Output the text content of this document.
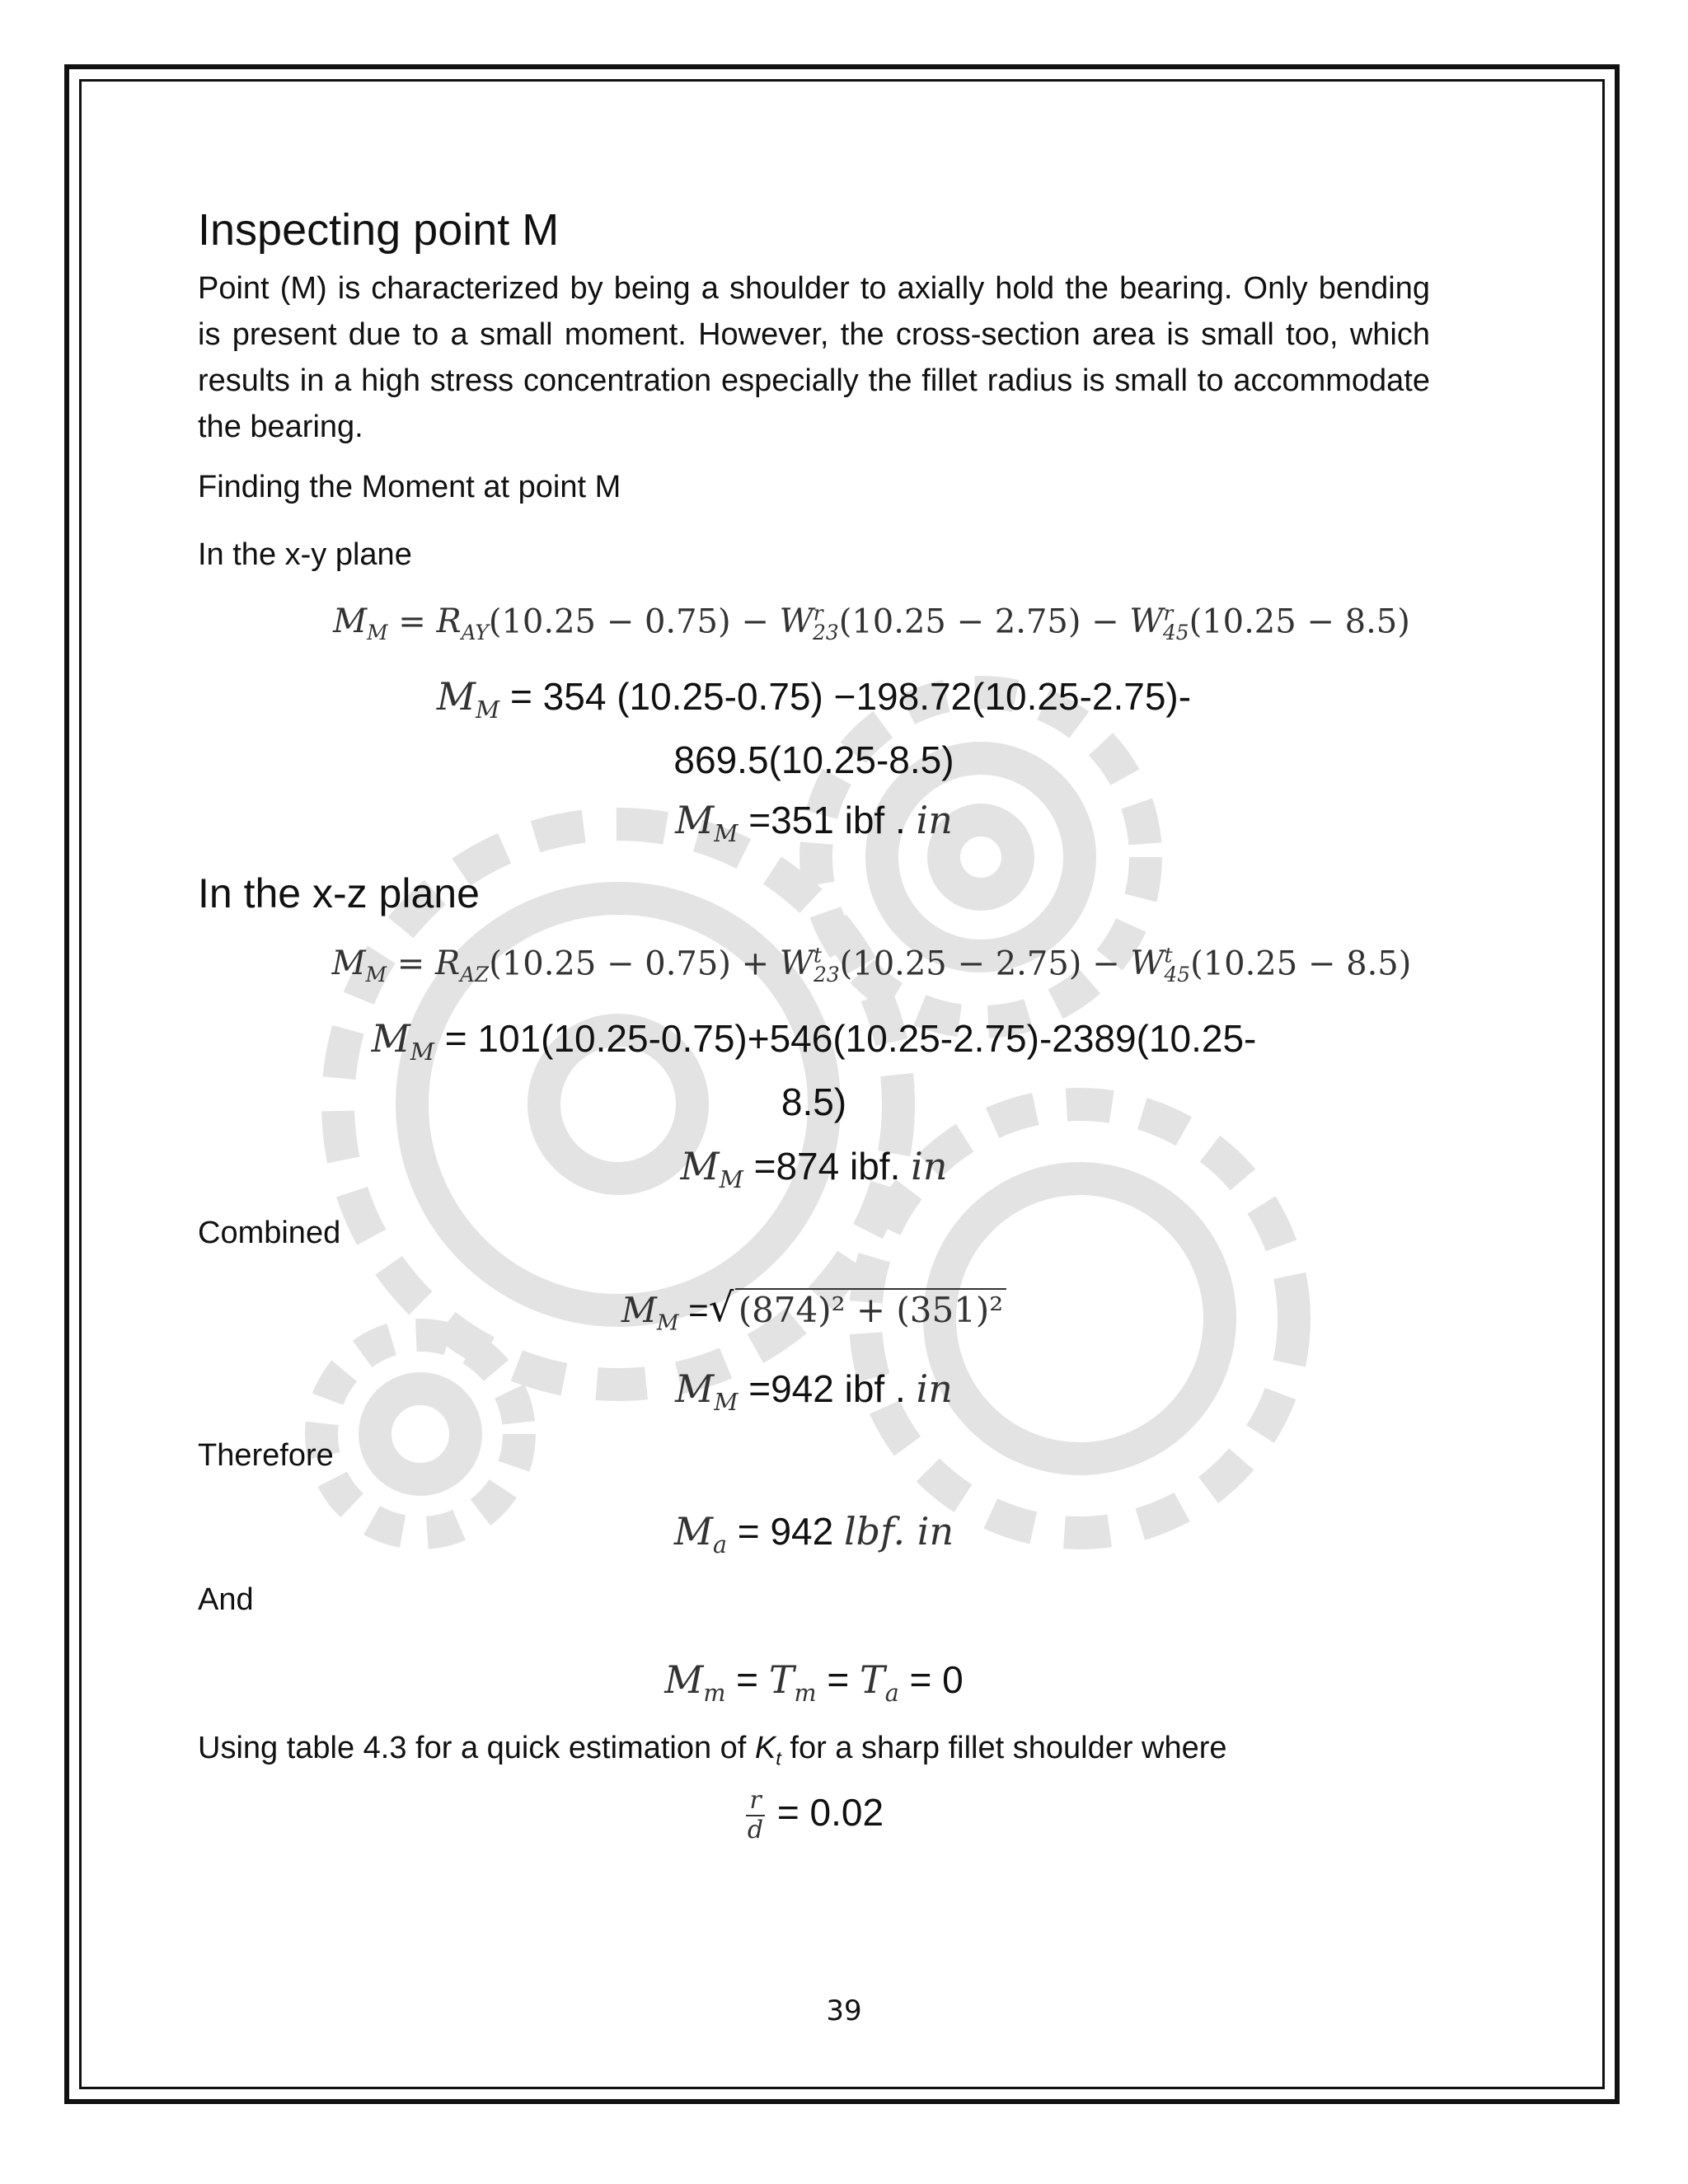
Inspecting point M
Point (M) is characterized by being a shoulder to axially hold the bearing. Only bending is present due to a small moment. However, the cross-section area is small too, which results in a high stress concentration especially the fillet radius is small to accommodate the bearing.
Finding the Moment at point M
In the x-y plane
$M_M = R_{AY}(10.25 - 0.75) - W^r_{23}(10.25 - 2.75) - W^r_{45}(10.25 - 8.5)$
$M_M = 354$ (10.25-0.75) −198.72(10.25-2.75)-
869.5(10.25-8.5)
$M_M =351$ ibf . in
In the x-z plane
$M_M = R_{AZ}(10.25 - 0.75) + W^t_{23}(10.25 - 2.75) - W^t_{45}(10.25 - 8.5)$
$M_M = 101(10.25-0.75)+546(10.25-2.75)-2389(10.25-$
8.5)
$M_M =874$ ibf. in
Combined
$M_M$ = √ (874)² + (351)²
$M_M =942$ ibf . in
Therefore
$M_a = 942$ lbf. in
And
$M_m = T_m = T_a = 0$
Using table 4.3 for a quick estimation of $K_t$ for a sharp fillet shoulder where
$\frac{r}{d} = 0.02$
39
